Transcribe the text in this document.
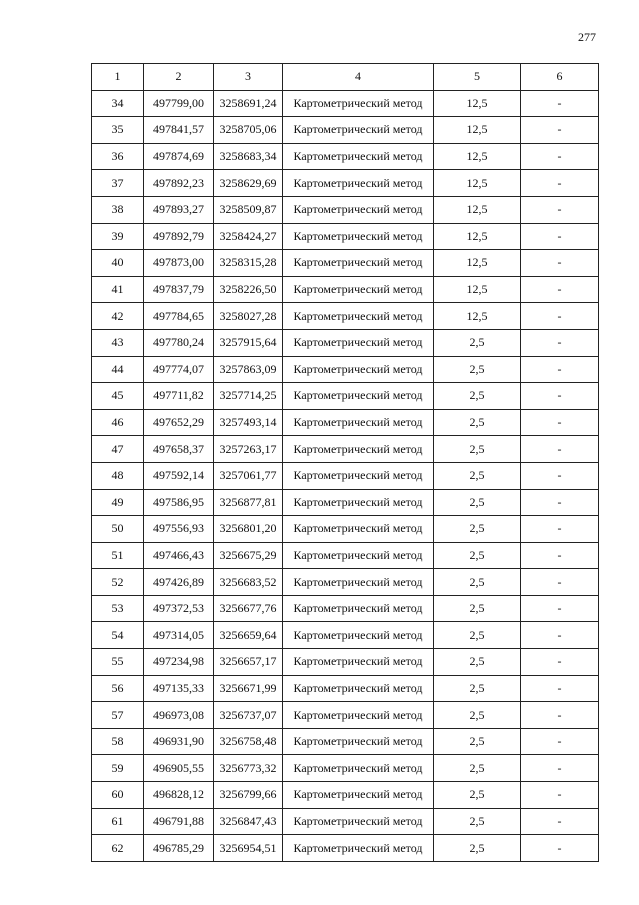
277
1	2	3	4	5	6
34	497799,00	3258691,24	Картометрический метод	12,5	-
35	497841,57	3258705,06	Картометрический метод	12,5	-
36	497874,69	3258683,34	Картометрический метод	12,5	-
37	497892,23	3258629,69	Картометрический метод	12,5	-
38	497893,27	3258509,87	Картометрический метод	12,5	-
39	497892,79	3258424,27	Картометрический метод	12,5	-
40	497873,00	3258315,28	Картометрический метод	12,5	-
41	497837,79	3258226,50	Картометрический метод	12,5	-
42	497784,65	3258027,28	Картометрический метод	12,5	-
43	497780,24	3257915,64	Картометрический метод	2,5	-
44	497774,07	3257863,09	Картометрический метод	2,5	-
45	497711,82	3257714,25	Картометрический метод	2,5	-
46	497652,29	3257493,14	Картометрический метод	2,5	-
47	497658,37	3257263,17	Картометрический метод	2,5	-
48	497592,14	3257061,77	Картометрический метод	2,5	-
49	497586,95	3256877,81	Картометрический метод	2,5	-
50	497556,93	3256801,20	Картометрический метод	2,5	-
51	497466,43	3256675,29	Картометрический метод	2,5	-
52	497426,89	3256683,52	Картометрический метод	2,5	-
53	497372,53	3256677,76	Картометрический метод	2,5	-
54	497314,05	3256659,64	Картометрический метод	2,5	-
55	497234,98	3256657,17	Картометрический метод	2,5	-
56	497135,33	3256671,99	Картометрический метод	2,5	-
57	496973,08	3256737,07	Картометрический метод	2,5	-
58	496931,90	3256758,48	Картометрический метод	2,5	-
59	496905,55	3256773,32	Картометрический метод	2,5	-
60	496828,12	3256799,66	Картометрический метод	2,5	-
61	496791,88	3256847,43	Картометрический метод	2,5	-
62	496785,29	3256954,51	Картометрический метод	2,5	-
